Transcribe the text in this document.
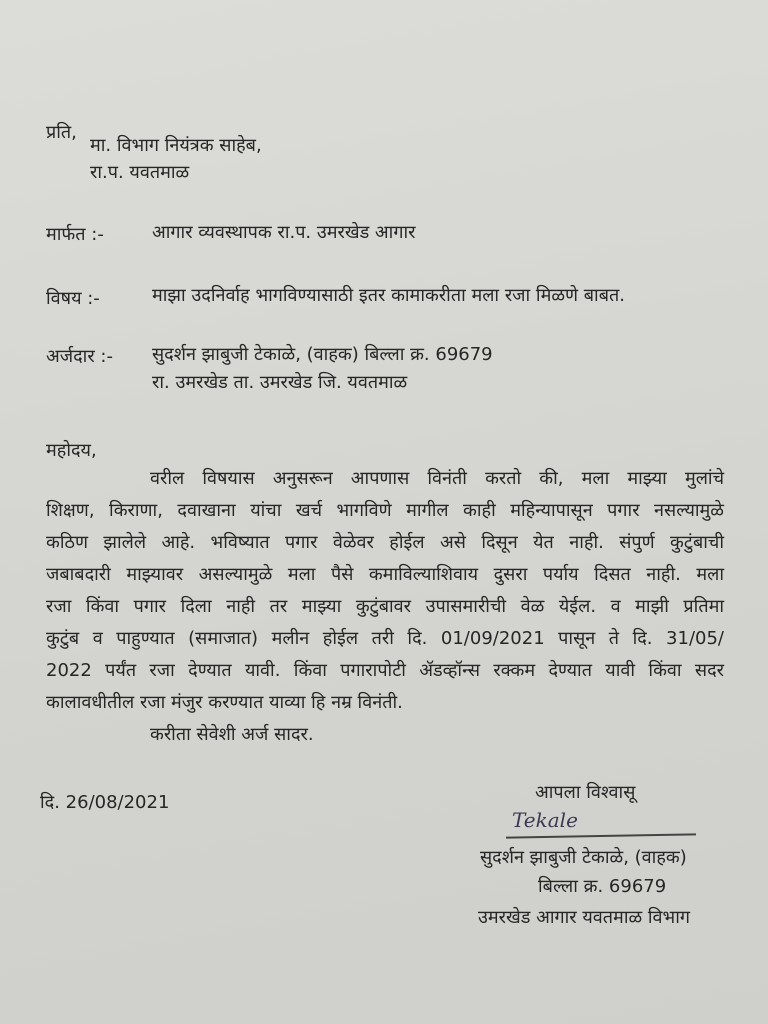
प्रति,
मा. विभाग नियंत्रक साहेब,
रा.प. यवतमाळ
मार्फत :-	आगार व्यवस्थापक रा.प. उमरखेड आगार
विषय :-	माझा उदनिर्वाह भागविण्यासाठी इतर कामाकरीता मला रजा मिळणे बाबत.
अर्जदार :- सुदर्शन झाबुजी टेकाळे, (वाहक) बिल्ला क्र. 69679
रा. उमरखेड ता. उमरखेड जि. यवतमाळ
महोदय,
वरील विषयास अनुसरून आपणास विनंती करतो की, मला माझ्या मुलांचे
शिक्षण, किराणा, दवाखाना यांचा खर्च भागविणे मागील काही महिन्यापासून पगार नसल्यामुळे
कठिण झालेले आहे. भविष्यात पगार वेळेवर होईल असे दिसून येत नाही. संपुर्ण कुटुंबाची
जबाबदारी माझ्यावर असल्यामुळे मला पैसे कमाविल्याशिवाय दुसरा पर्याय दिसत नाही. मला
रजा किंवा पगार दिला नाही तर माझ्या कुटुंबावर उपासमारीची वेळ येईल. व माझी प्रतिमा
कुटुंब व पाहुण्यात (समाजात) मलीन होईल तरी दि. 01/09/2021 पासून ते दि. 31/05/
2022 पर्यंत रजा देण्यात यावी. किंवा पगारापोटी ॲडव्हॉन्स रक्कम देण्यात यावी किंवा सदर
कालावधीतील रजा मंजुर करण्यात याव्या हि नम्र विनंती.
करीता सेवेशी अर्ज सादर.
दि. 26/08/2021	आपला विश्वासू
Tekale
सुदर्शन झाबुजी टेकाळे, (वाहक)
बिल्ला क्र. 69679
उमरखेड आगार यवतमाळ विभाग
